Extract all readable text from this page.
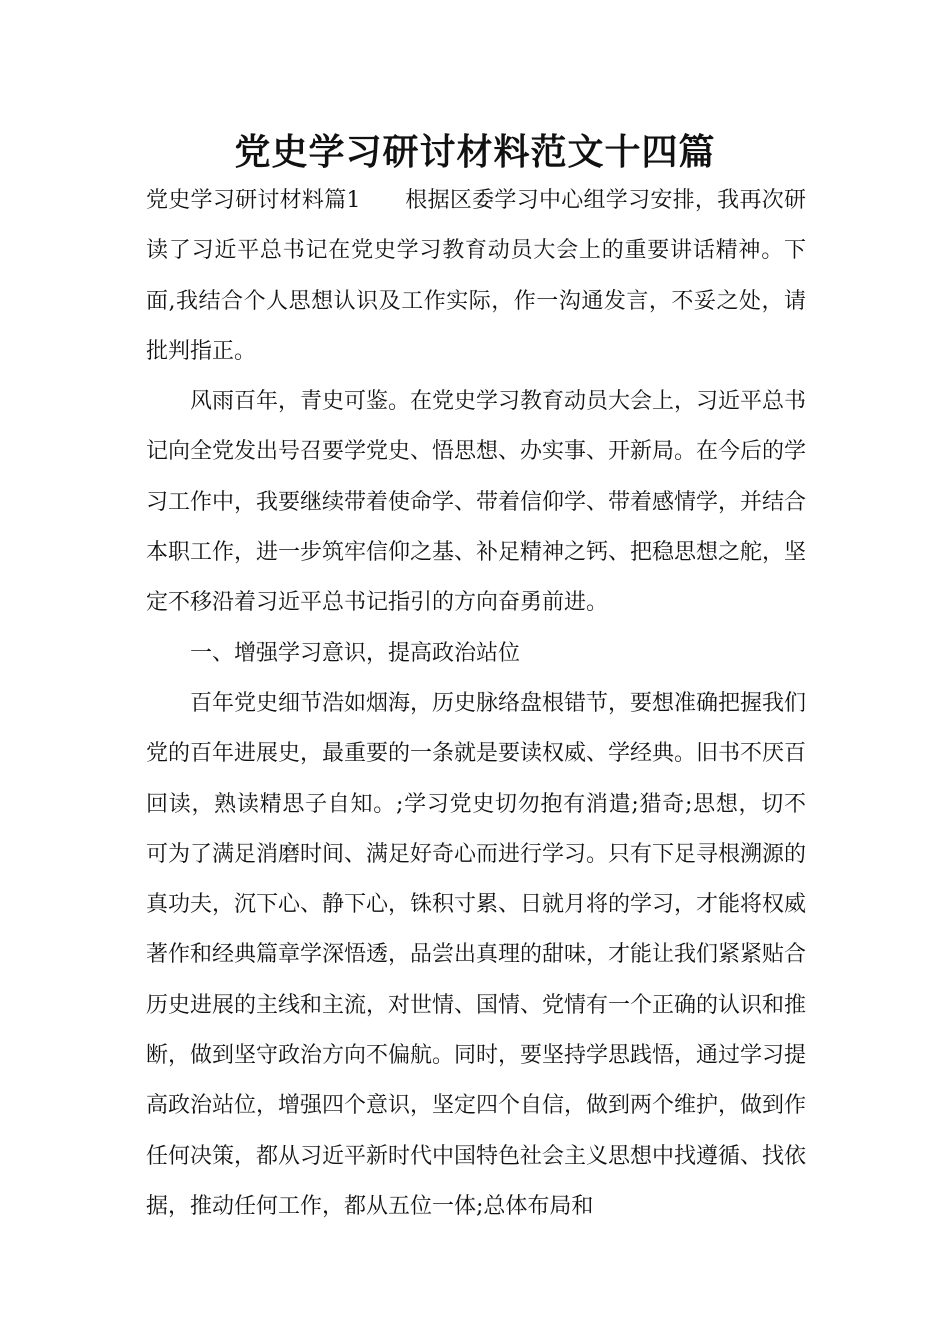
党史学习研讨材料范文十四篇

党史学习研讨材料篇1　　根据区委学习中心组学习安排，我再次研读了习近平总书记在党史学习教育动员大会上的重要讲话精神。下面,我结合个人思想认识及工作实际，作一沟通发言，不妥之处，请批判指正。

风雨百年，青史可鉴。在党史学习教育动员大会上，习近平总书记向全党发出号召要学党史、悟思想、办实事、开新局。在今后的学习工作中，我要继续带着使命学、带着信仰学、带着感情学，并结合本职工作，进一步筑牢信仰之基、补足精神之钙、把稳思想之舵，坚定不移沿着习近平总书记指引的方向奋勇前进。

一、增强学习意识，提高政治站位

百年党史细节浩如烟海，历史脉络盘根错节，要想准确把握我们党的百年进展史，最重要的一条就是要读权威、学经典。旧书不厌百回读，熟读精思子自知。;学习党史切勿抱有消遣;猎奇;思想，切不可为了满足消磨时间、满足好奇心而进行学习。只有下足寻根溯源的真功夫，沉下心、静下心，铢积寸累、日就月将的学习，才能将权威著作和经典篇章学深悟透，品尝出真理的甜味，才能让我们紧紧贴合历史进展的主线和主流，对世情、国情、党情有一个正确的认识和推断，做到坚守政治方向不偏航。同时，要坚持学思践悟，通过学习提高政治站位，增强四个意识，坚定四个自信，做到两个维护，做到作任何决策，都从习近平新时代中国特色社会主义思想中找遵循、找依据，推动任何工作，都从五位一体;总体布局和
